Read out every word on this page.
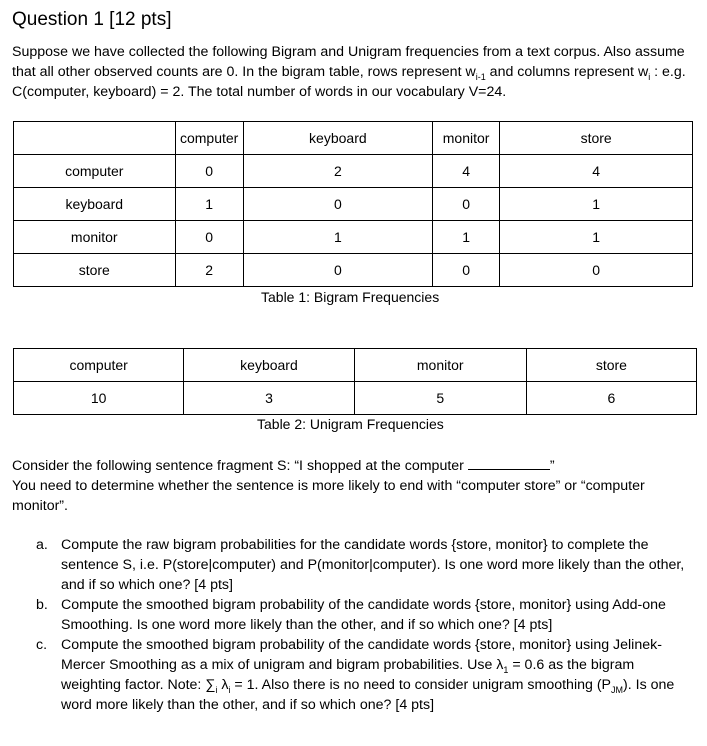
Question 1 [12 pts]
Suppose we have collected the following Bigram and Unigram frequencies from a text corpus. Also assume that all other observed counts are 0. In the bigram table, rows represent $w_{i-1}$ and columns represent $w_i$ : e.g. C(computer, keyboard) = 2. The total number of words in our vocabulary V=24.
	computer	keyboard	monitor	store
computer	0	2	4	4
keyboard	1	0	0	1
monitor	0	1	1	1
store	2	0	0	0
Table 1: Bigram Frequencies
computer	keyboard	monitor	store
10	3	5	6
Table 2: Unigram Frequencies
Consider the following sentence fragment S: “I shopped at the computer	”
You need to determine whether the sentence is more likely to end with “computer store” or “computer monitor”.
a. Compute the raw bigram probabilities for the candidate words {store, monitor} to complete the sentence S, i.e. P(store|computer) and P(monitor|computer). Is one word more likely than the other, and if so which one? [4 pts]
b. Compute the smoothed bigram probability of the candidate words {store, monitor} using Add-one Smoothing. Is one word more likely than the other, and if so which one? [4 pts]
c. Compute the smoothed bigram probability of the candidate words {store, monitor} using Jelinek-Mercer Smoothing as a mix of unigram and bigram probabilities. Use $\lambda_1 = 0.6$ as the bigram weighting factor. Note: $\sum_i$ $\lambda_i = 1$. Also there is no need to consider unigram smoothing $(P_{JM})$. Is one word more likely than the other, and if so which one? [4 pts]
